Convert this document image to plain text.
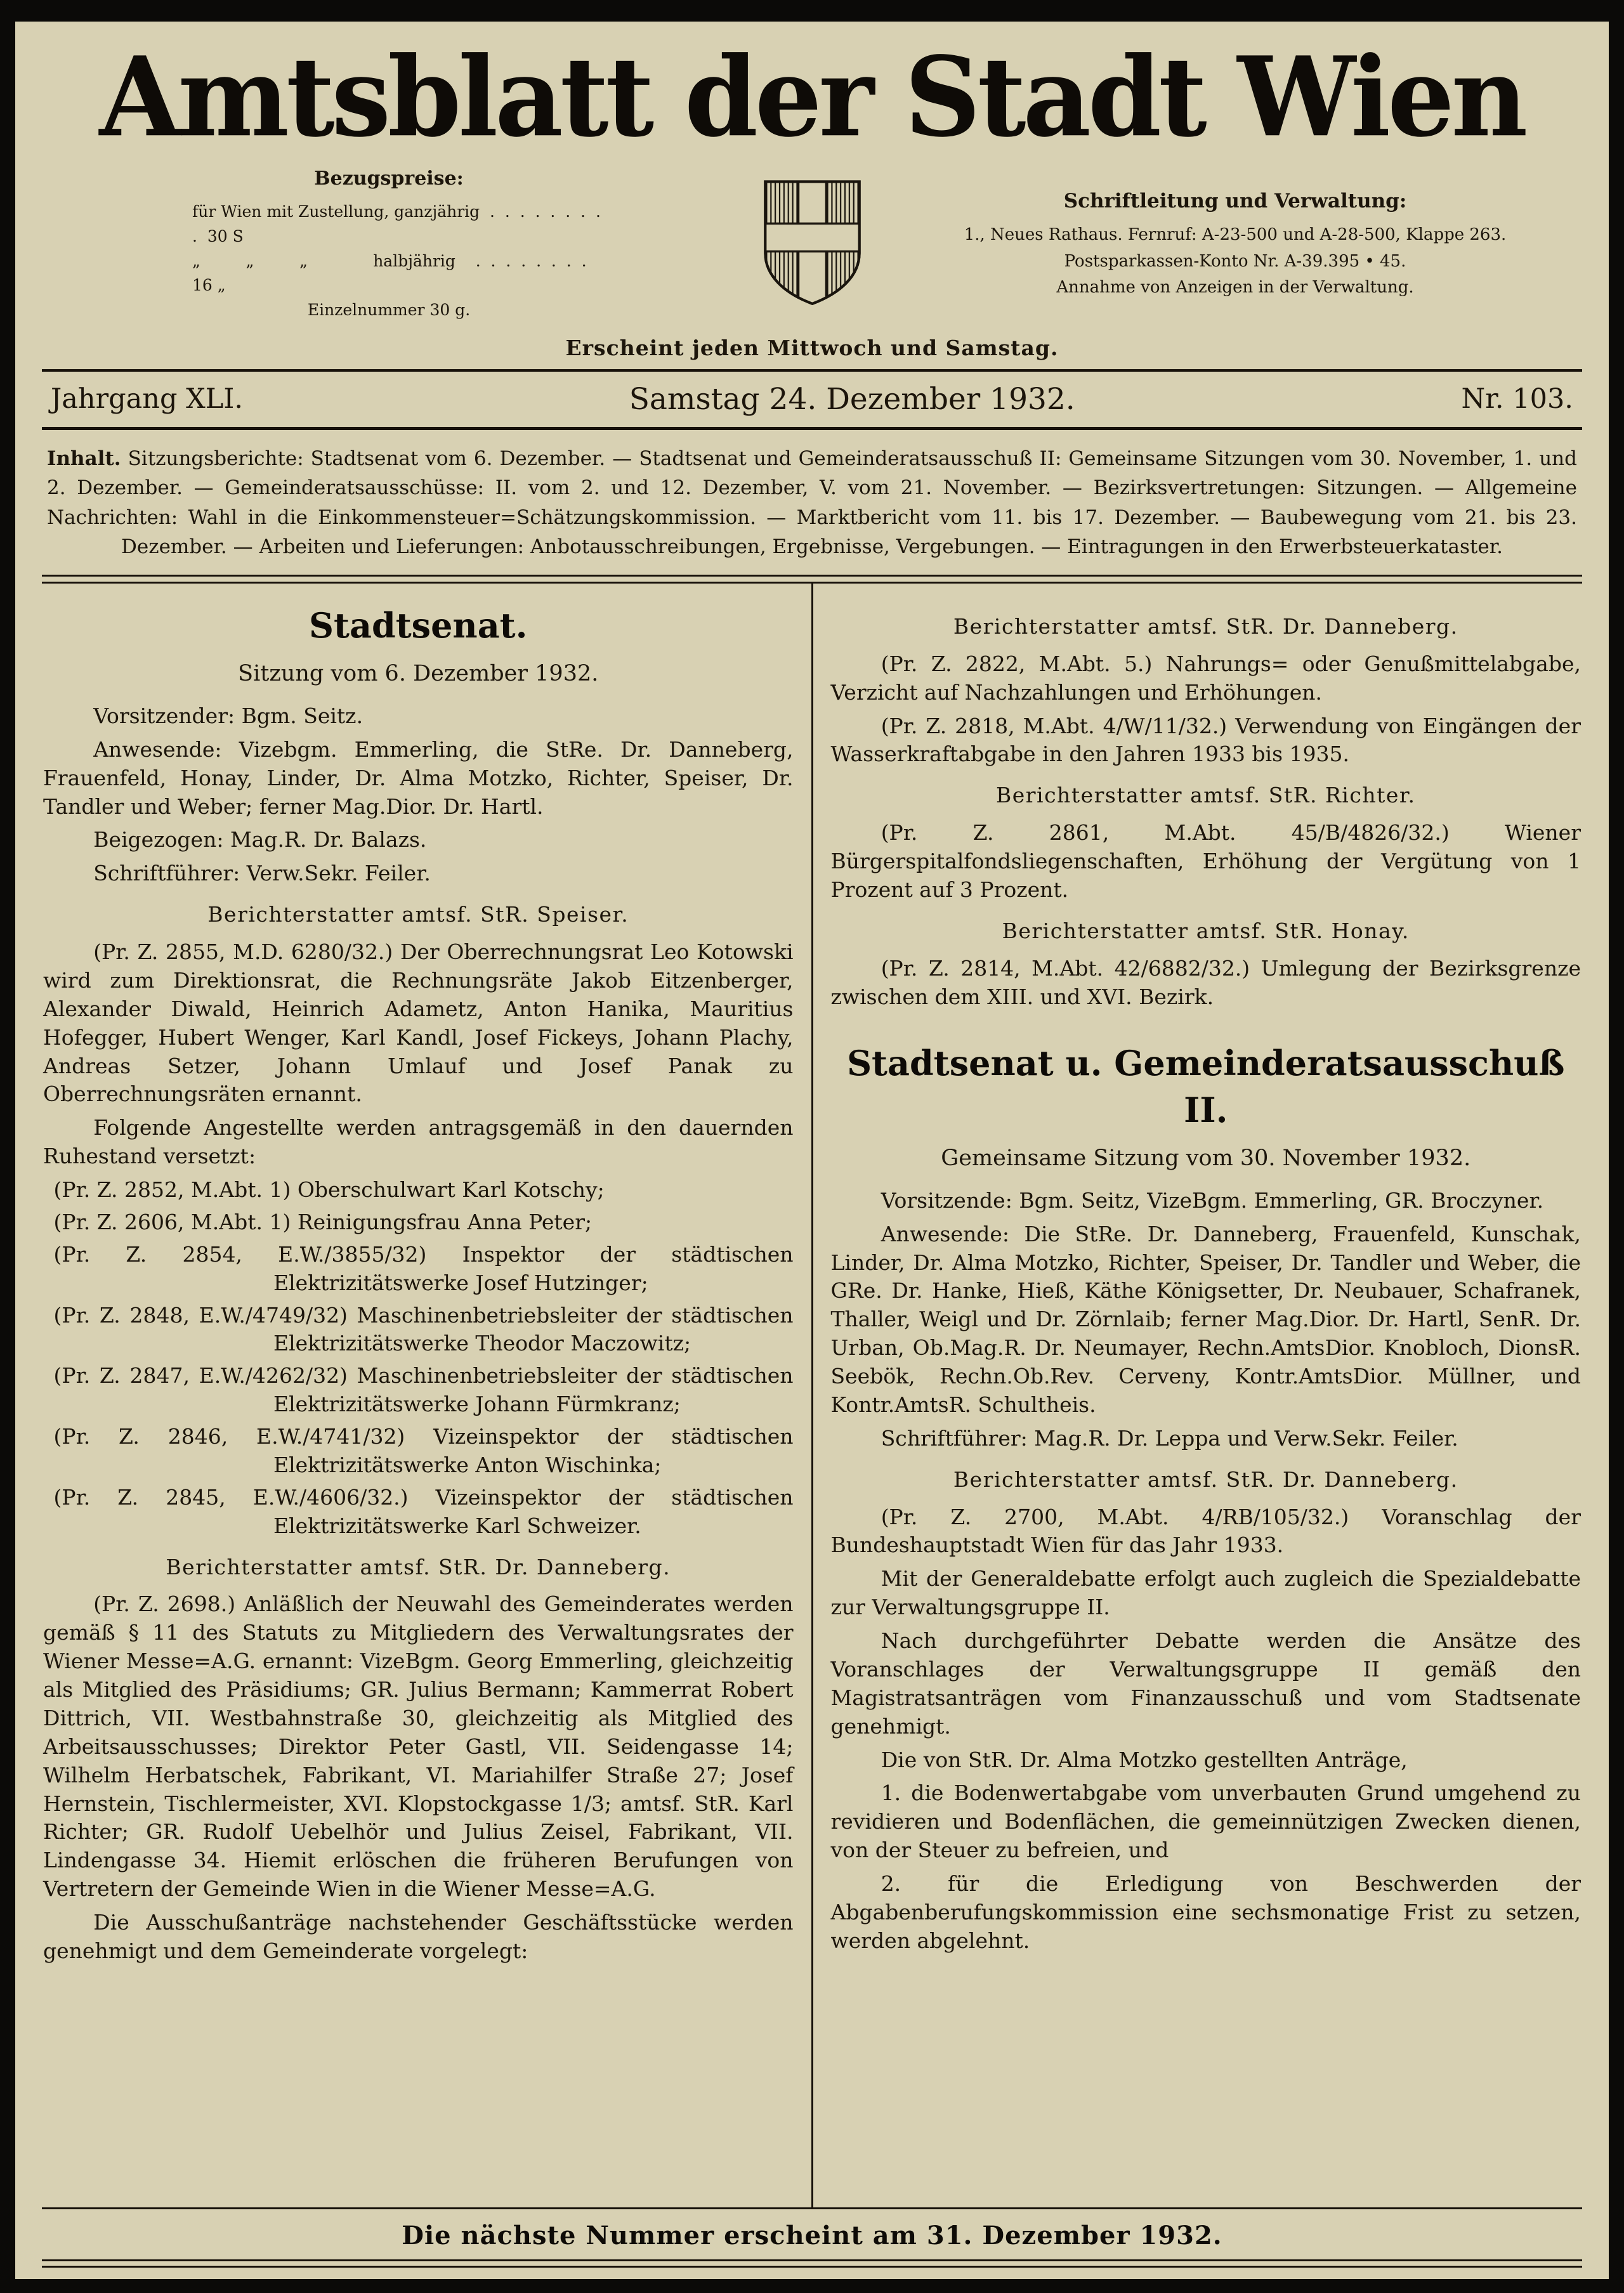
Amtsblatt der Stadt Wien
Bezugspreise:
für Wien mit Zustellung, ganzjährig  .  .  .  .  .  .  .  .  .  30 S
„         „         „             halbjährig    .  .  .  .  .  .  .  .   16 „
Einzelnummer 30 g.
Schriftleitung und Verwaltung:
1., Neues Rathaus. Fernruf: A-23-500 und A-28-500, Klappe 263.
Postsparkassen-Konto Nr. A-39.395 • 45.
Annahme von Anzeigen in der Verwaltung.
Erscheint jeden Mittwoch und Samstag.
Jahrgang XLI.	Samstag 24. Dezember 1932.	Nr. 103.
Inhalt. Sitzungsberichte: Stadtsenat vom 6. Dezember. — Stadtsenat und Gemeinderatsausschuß II: Gemeinsame Sitzungen vom 30. November, 1. und 2. Dezember. — Gemeinderatsausschüsse: II. vom 2. und 12. Dezember, V. vom 21. November. — Bezirksvertretungen: Sitzungen. — Allgemeine Nachrichten: Wahl in die Einkommensteuer=Schätzungskommission. — Marktbericht vom 11. bis 17. Dezember. — Baubewegung vom 21. bis 23. Dezember. — Arbeiten und Lieferungen: Anbotausschreibungen, Ergebnisse, Vergebungen. — Eintragungen in den Erwerbsteuerkataster.

Stadtsenat.

Sitzung vom 6. Dezember 1932.

Vorsitzender: Bgm. Seitz.

Anwesende: Vizebgm. Emmerling, die StRe. Dr. Danneberg, Frauenfeld, Honay, Linder, Dr. Alma Motzko, Richter, Speiser, Dr. Tandler und Weber; ferner Mag.Dior. Dr. Hartl.

Beigezogen: Mag.R. Dr. Balazs.

Schriftführer: Verw.Sekr. Feiler.

Berichterstatter amtsf. StR. Speiser.

(Pr. Z. 2855, M.D. 6280/32.) Der Oberrechnungsrat Leo Kotowski wird zum Direktionsrat, die Rechnungsräte Jakob Eitzenberger, Alexander Diwald, Heinrich Adametz, Anton Hanika, Mauritius Hofegger, Hubert Wenger, Karl Kandl, Josef Fickeys, Johann Plachy, Andreas Setzer, Johann Umlauf und Josef Panak zu Oberrechnungsräten ernannt.

Folgende Angestellte werden antragsgemäß in den dauernden Ruhestand versetzt:

(Pr. Z. 2852, M.Abt. 1) Oberschulwart Karl Kotschy;

(Pr. Z. 2606, M.Abt. 1) Reinigungsfrau Anna Peter;

(Pr. Z. 2854, E.W./3855/32) Inspektor der städtischen Elektrizitätswerke Josef Hutzinger;

(Pr. Z. 2848, E.W./4749/32) Maschinenbetriebsleiter der städtischen Elektrizitätswerke Theodor Maczowitz;

(Pr. Z. 2847, E.W./4262/32) Maschinenbetriebsleiter der städtischen Elektrizitätswerke Johann Fürmkranz;

(Pr. Z. 2846, E.W./4741/32) Vizeinspektor der städtischen Elektrizitätswerke Anton Wischinka;

(Pr. Z. 2845, E.W./4606/32.) Vizeinspektor der städtischen Elektrizitätswerke Karl Schweizer.

Berichterstatter amtsf. StR. Dr. Danneberg.

(Pr. Z. 2698.) Anläßlich der Neuwahl des Gemeinderates werden gemäß § 11 des Statuts zu Mitgliedern des Verwaltungsrates der Wiener Messe=A.G. ernannt: VizeBgm. Georg Emmerling, gleichzeitig als Mitglied des Präsidiums; GR. Julius Bermann; Kammerrat Robert Dittrich, VII. Westbahnstraße 30, gleichzeitig als Mitglied des Arbeitsausschusses; Direktor Peter Gastl, VII. Seidengasse 14; Wilhelm Herbatschek, Fabrikant, VI. Mariahilfer Straße 27; Josef Hernstein, Tischlermeister, XVI. Klopstockgasse 1/3; amtsf. StR. Karl Richter; GR. Rudolf Uebelhör und Julius Zeisel, Fabrikant, VII. Lindengasse 34. Hiemit erlöschen die früheren Berufungen von Vertretern der Gemeinde Wien in die Wiener Messe=A.G.

Die Ausschußanträge nachstehender Geschäftsstücke werden genehmigt und dem Gemeinderate vorgelegt:

Berichterstatter amtsf. StR. Dr. Danneberg.

(Pr. Z. 2822, M.Abt. 5.) Nahrungs= oder Genußmittelabgabe, Verzicht auf Nachzahlungen und Erhöhungen.

(Pr. Z. 2818, M.Abt. 4/W/11/32.) Verwendung von Eingängen der Wasserkraftabgabe in den Jahren 1933 bis 1935.

Berichterstatter amtsf. StR. Richter.

(Pr. Z. 2861, M.Abt. 45/B/4826/32.) Wiener Bürgerspitalfondsliegenschaften, Erhöhung der Vergütung von 1 Prozent auf 3 Prozent.

Berichterstatter amtsf. StR. Honay.

(Pr. Z. 2814, M.Abt. 42/6882/32.) Umlegung der Bezirksgrenze zwischen dem XIII. und XVI. Bezirk.

Stadtsenat u. Gemeinderatsausschuß II.

Gemeinsame Sitzung vom 30. November 1932.

Vorsitzende: Bgm. Seitz, VizeBgm. Emmerling, GR. Broczyner.

Anwesende: Die StRe. Dr. Danneberg, Frauenfeld, Kunschak, Linder, Dr. Alma Motzko, Richter, Speiser, Dr. Tandler und Weber, die GRe. Dr. Hanke, Hieß, Käthe Königsetter, Dr. Neubauer, Schafranek, Thaller, Weigl und Dr. Zörnlaib; ferner Mag.Dior. Dr. Hartl, SenR. Dr. Urban, Ob.Mag.R. Dr. Neumayer, Rechn.AmtsDior. Knobloch, DionsR. Seebök, Rechn.Ob.Rev. Cerveny, Kontr.AmtsDior. Müllner, und Kontr.AmtsR. Schultheis.

Schriftführer: Mag.R. Dr. Leppa und Verw.Sekr. Feiler.

Berichterstatter amtsf. StR. Dr. Danneberg.

(Pr. Z. 2700, M.Abt. 4/RB/105/32.) Voranschlag der Bundeshauptstadt Wien für das Jahr 1933.

Mit der Generaldebatte erfolgt auch zugleich die Spezialdebatte zur Verwaltungsgruppe II.

Nach durchgeführter Debatte werden die Ansätze des Voranschlages der Verwaltungsgruppe II gemäß den Magistratsanträgen vom Finanzausschuß und vom Stadtsenate genehmigt.

Die von StR. Dr. Alma Motzko gestellten Anträge,

1. die Bodenwertabgabe vom unverbauten Grund umgehend zu revidieren und Bodenflächen, die gemeinnützigen Zwecken dienen, von der Steuer zu befreien, und

2. für die Erledigung von Beschwerden der Abgabenberufungskommission eine sechsmonatige Frist zu setzen, werden abgelehnt.

Die nächste Nummer erscheint am 31. Dezember 1932.
